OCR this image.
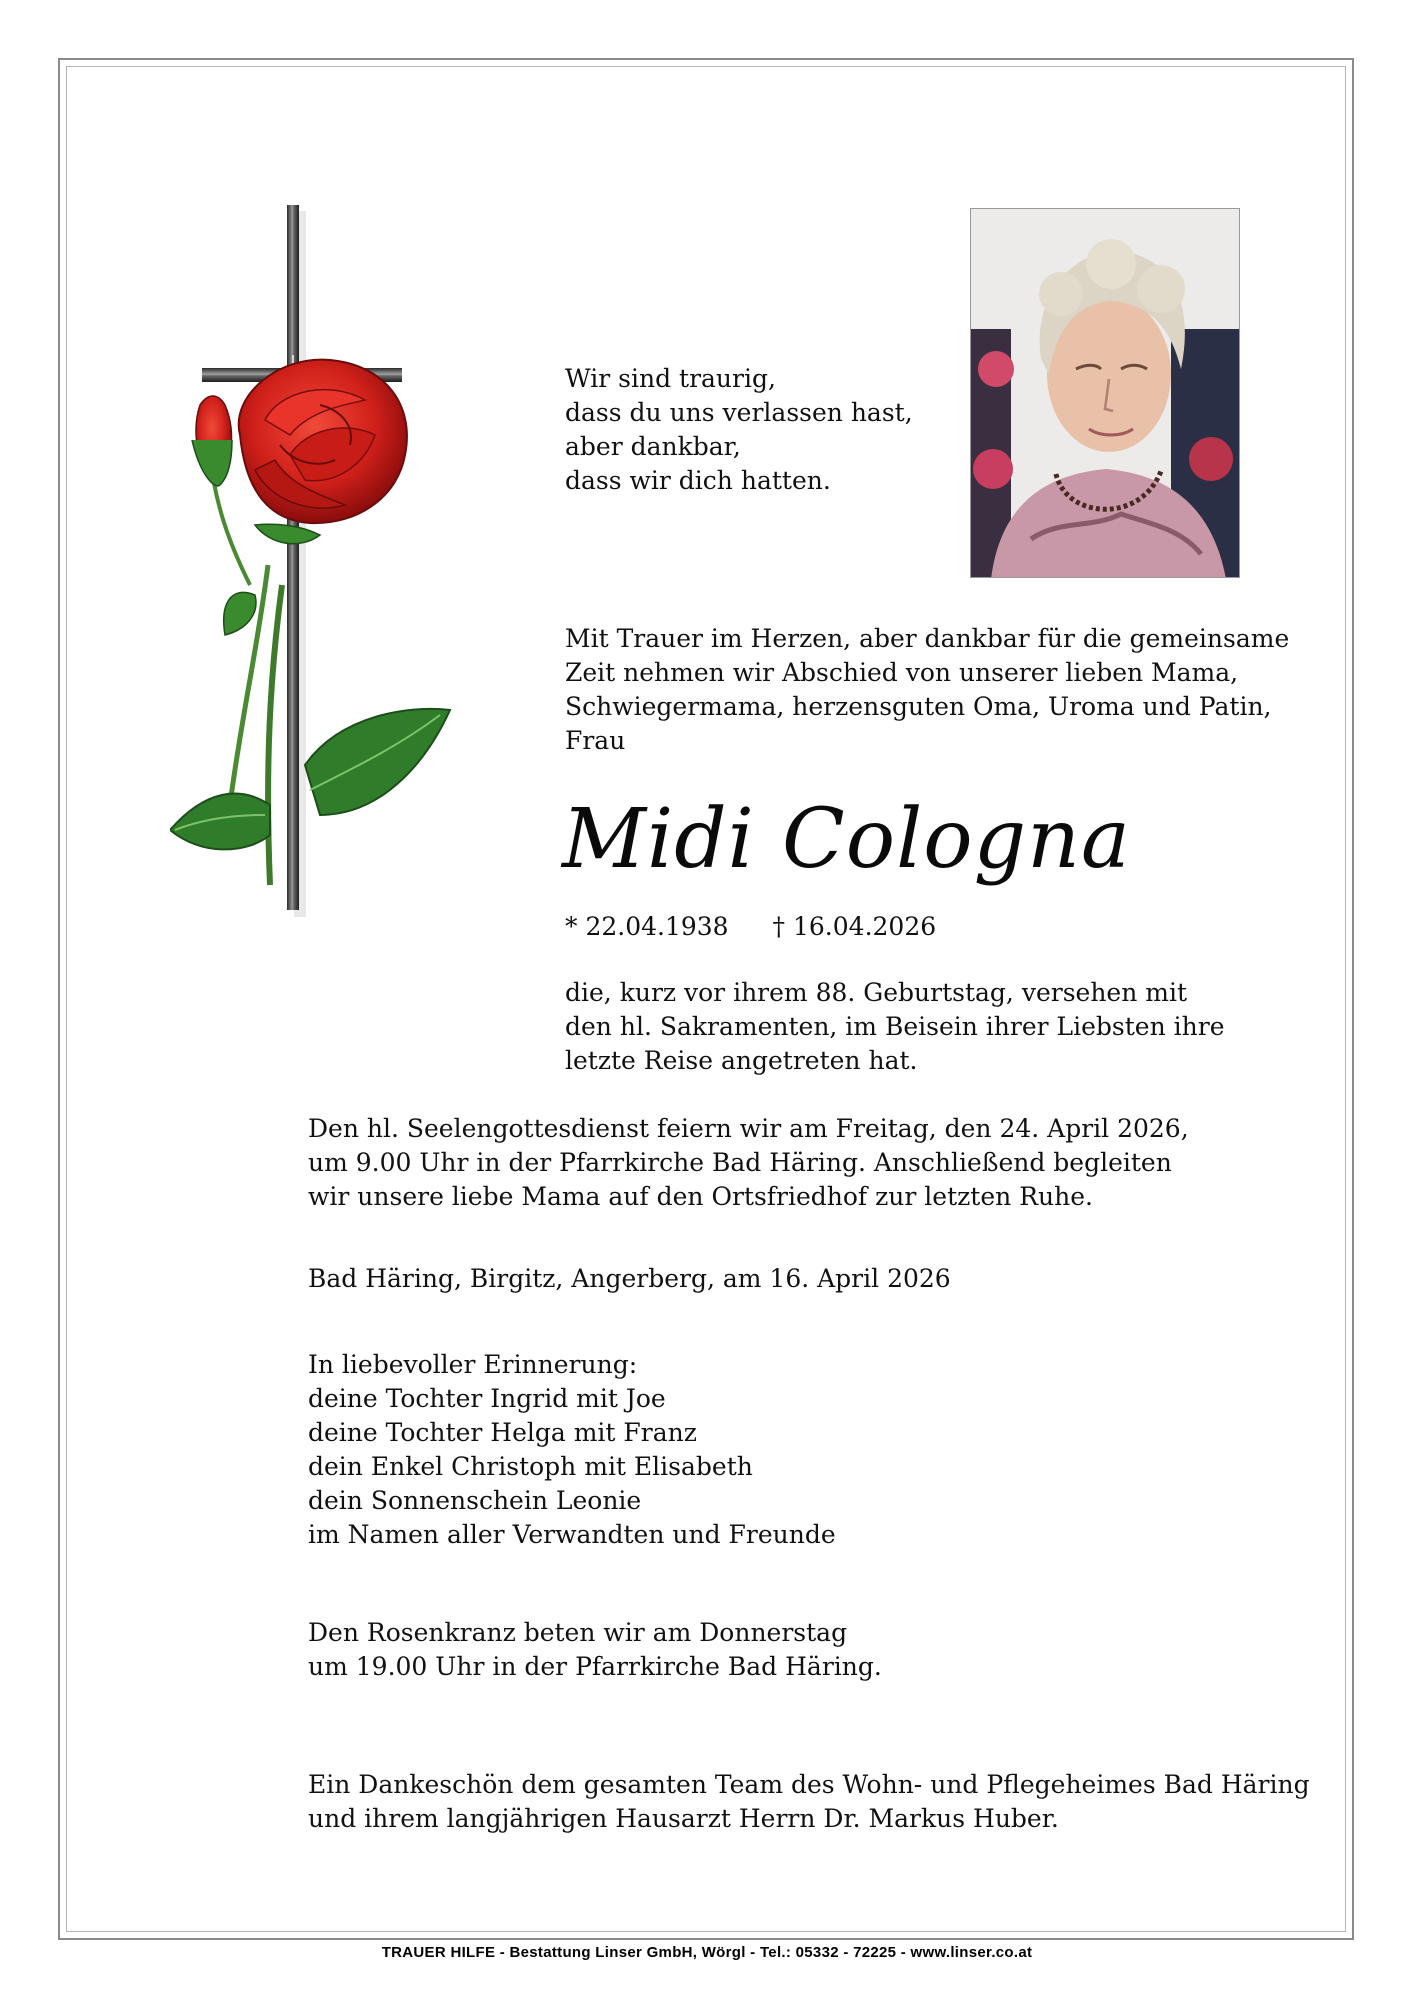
Wir sind traurig,
dass du uns verlassen hast,
aber dankbar,
dass wir dich hatten.
Mit Trauer im Herzen, aber dankbar für die gemeinsame
Zeit nehmen wir Abschied von unserer lieben Mama,
Schwiegermama, herzensguten Oma, Uroma und Patin,
Frau
Midi Cologna
* 22.04.1938 † 16.04.2026
die, kurz vor ihrem 88. Geburtstag, versehen mit
den hl. Sakramenten, im Beisein ihrer Liebsten ihre
letzte Reise angetreten hat.
Den hl. Seelengottesdienst feiern wir am Freitag, den 24. April 2026,
um 9.00 Uhr in der Pfarrkirche Bad Häring. Anschließend begleiten
wir unsere liebe Mama auf den Ortsfriedhof zur letzten Ruhe.
Bad Häring, Birgitz, Angerberg, am 16. April 2026
In liebevoller Erinnerung:
deine Tochter Ingrid mit Joe
deine Tochter Helga mit Franz
dein Enkel Christoph mit Elisabeth
dein Sonnenschein Leonie
im Namen aller Verwandten und Freunde
Den Rosenkranz beten wir am Donnerstag
um 19.00 Uhr in der Pfarrkirche Bad Häring.
Ein Dankeschön dem gesamten Team des Wohn- und Pflegeheimes Bad Häring
und ihrem langjährigen Hausarzt Herrn Dr. Markus Huber.
TRAUER HILFE - Bestattung Linser GmbH, Wörgl - Tel.: 05332 - 72225 - www.linser.co.at
